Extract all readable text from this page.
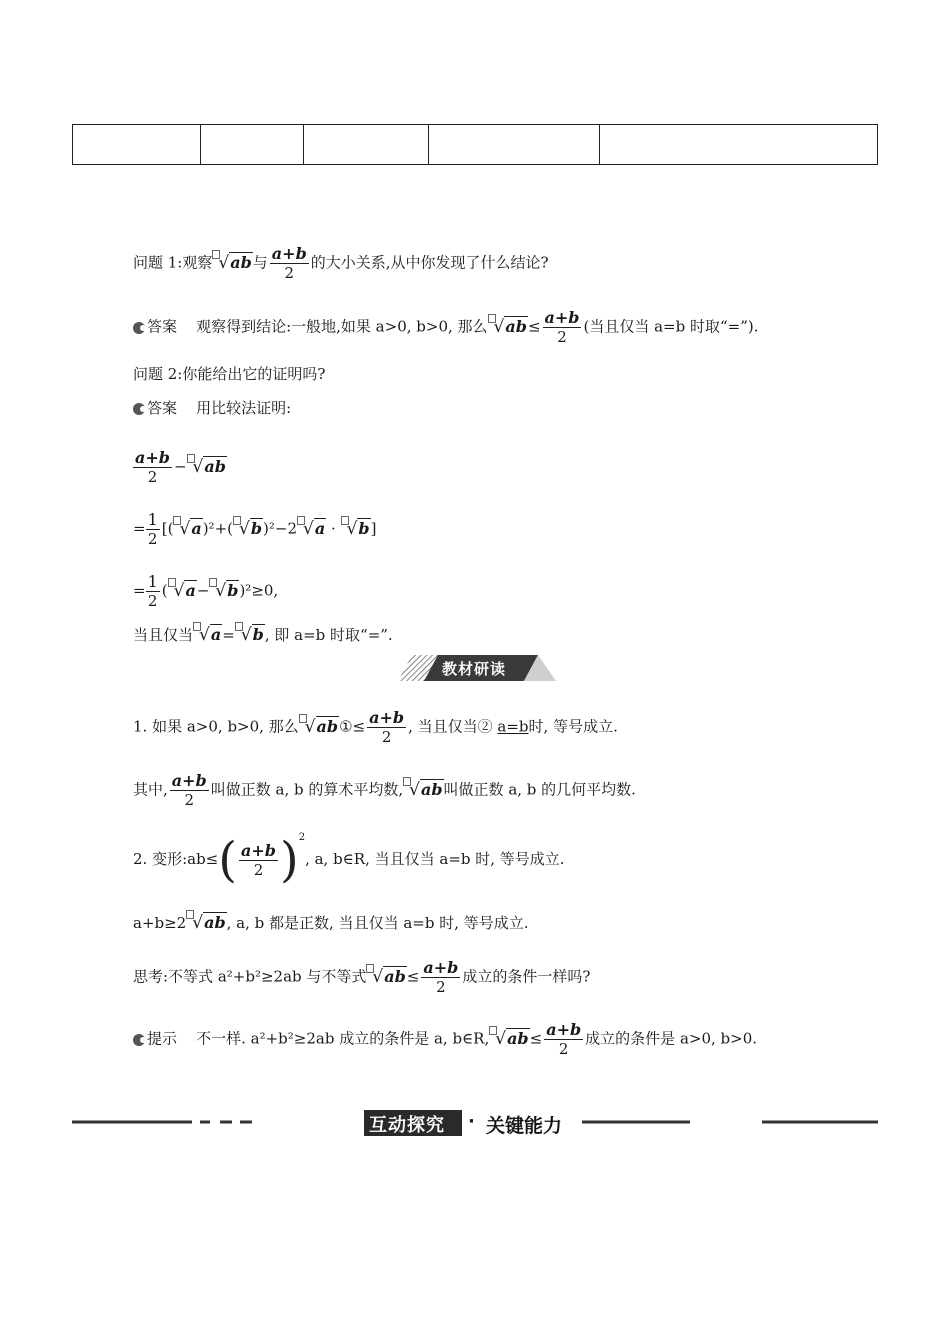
问题 1:观察 √ab与 $\frac{a+b}{2}$ 的大小关系,从中你发现了什么结论?
答案 观察得到结论:一般地,如果 a>0, b>0, 那么 $√ab\le \frac{a+b}{2}$ (当且仅当 a=b 时取“=”).
问题 2:你能给出它的证明吗?
答案 用比较法证明:
$\frac{a+b}{2} - √ab$
= $\frac{1}{2}$ [( √a)²+( √b)²−2 √a · √b]
= $\frac{1}{2}$ ( √a− √b)²≥0,
当且仅当 √a= √b, 即 a=b 时取“=”.
教材研读
1. 如果 a>0, b>0, 那么 √ab①≤ $\frac{a+b}{2}$ , 当且仅当② a=b时, 等号成立.
其中, $\frac{a+b}{2}$ 叫做正数 a, b 的算术平均数, √ab叫做正数 a, b 的几何平均数.
2. 变形:ab≤( $\frac{a+b}{2} )^2$, a, b∈R, 当且仅当 a=b 时, 等号成立.
a+b≥2 √ab, a, b 都是正数, 当且仅当 a=b 时, 等号成立.
思考:不等式 a²+b²≥2ab 与不等式 $√ab\le \frac{a+b}{2}$ 成立的条件一样吗?
提示 不一样. a²+b²≥2ab 成立的条件是 a, b∈R, $√ab\le \frac{a+b}{2}$ 成立的条件是 a>0, b>0.
互动探究 · 关键能力
